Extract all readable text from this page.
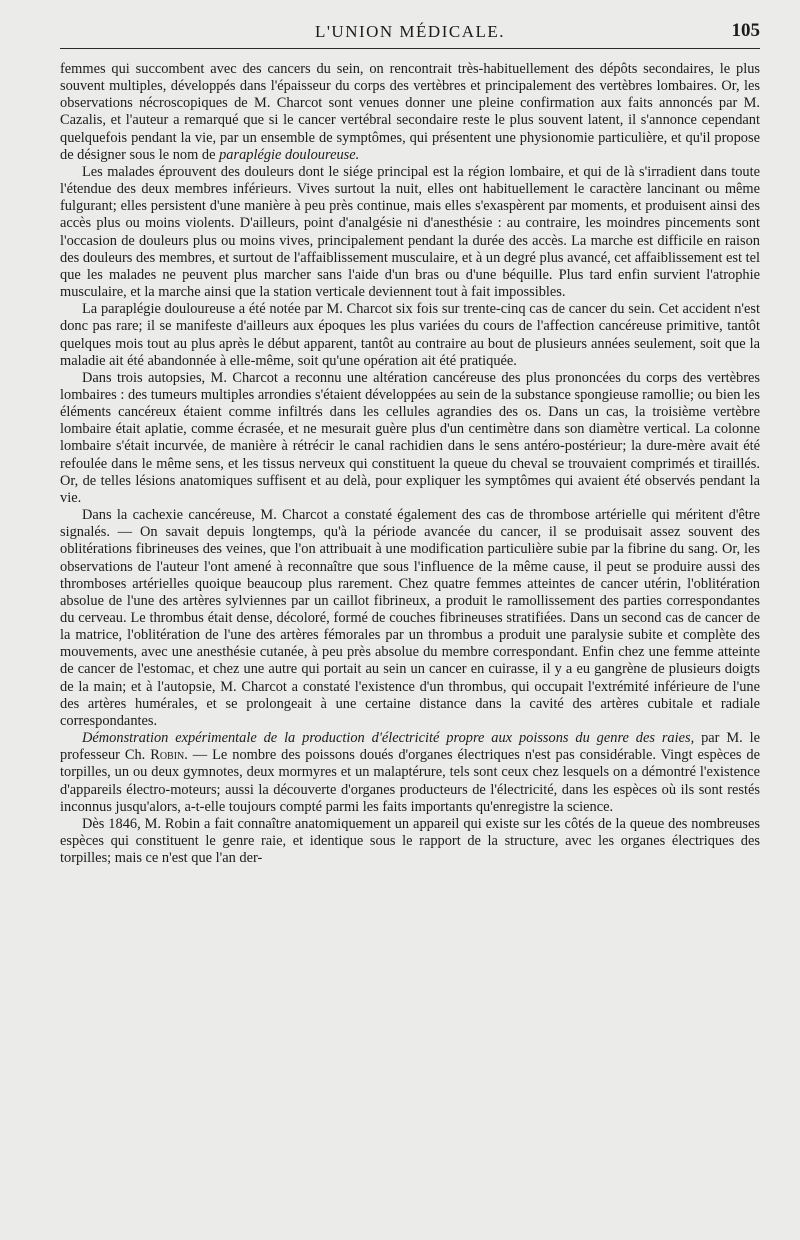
L'UNION MÉDICALE.	105

femmes qui succombent avec des cancers du sein, on rencontrait très-habituellement des dépôts secondaires, le plus souvent multiples, développés dans l'épaisseur du corps des vertèbres et principalement des vertèbres lombaires. Or, les observations nécroscopiques de M. Charcot sont venues donner une pleine confirmation aux faits annoncés par M. Cazalis, et l'auteur a remarqué que si le cancer vertébral secondaire reste le plus souvent latent, il s'annonce cependant quelquefois pendant la vie, par un ensemble de symptômes, qui présentent une physionomie particulière, et qu'il propose de désigner sous le nom de paraplégie douloureuse.

Les malades éprouvent des douleurs dont le siége principal est la région lombaire, et qui de là s'irradient dans toute l'étendue des deux membres inférieurs. Vives surtout la nuit, elles ont habituellement le caractère lancinant ou même fulgurant; elles persistent d'une manière à peu près continue, mais elles s'exaspèrent par moments, et produisent ainsi des accès plus ou moins violents. D'ailleurs, point d'analgésie ni d'anesthésie : au contraire, les moindres pincements sont l'occasion de douleurs plus ou moins vives, principalement pendant la durée des accès. La marche est difficile en raison des douleurs des membres, et surtout de l'affaiblissement musculaire, et à un degré plus avancé, cet affaiblissement est tel que les malades ne peuvent plus marcher sans l'aide d'un bras ou d'une béquille. Plus tard enfin survient l'atrophie musculaire, et la marche ainsi que la station verticale deviennent tout à fait impossibles.

La paraplégie douloureuse a été notée par M. Charcot six fois sur trente-cinq cas de cancer du sein. Cet accident n'est donc pas rare; il se manifeste d'ailleurs aux époques les plus variées du cours de l'affection cancéreuse primitive, tantôt quelques mois tout au plus après le début apparent, tantôt au contraire au bout de plusieurs années seulement, soit que la maladie ait été abandonnée à elle-même, soit qu'une opération ait été pratiquée.

Dans trois autopsies, M. Charcot a reconnu une altération cancéreuse des plus prononcées du corps des vertèbres lombaires : des tumeurs multiples arrondies s'étaient développées au sein de la substance spongieuse ramollie; ou bien les éléments cancéreux étaient comme infiltrés dans les cellules agrandies des os. Dans un cas, la troisième vertèbre lombaire était aplatie, comme écrasée, et ne mesurait guère plus d'un centimètre dans son diamètre vertical. La colonne lombaire s'était incurvée, de manière à rétrécir le canal rachidien dans le sens antéro-postérieur; la dure-mère avait été refoulée dans le même sens, et les tissus nerveux qui constituent la queue du cheval se trouvaient comprimés et tiraillés. Or, de telles lésions anatomiques suffisent et au delà, pour expliquer les symptômes qui avaient été observés pendant la vie.

Dans la cachexie cancéreuse, M. Charcot a constaté également des cas de thrombose artérielle qui méritent d'être signalés. — On savait depuis longtemps, qu'à la période avancée du cancer, il se produisait assez souvent des oblitérations fibrineuses des veines, que l'on attribuait à une modification particulière subie par la fibrine du sang. Or, les observations de l'auteur l'ont amené à reconnaître que sous l'influence de la même cause, il peut se produire aussi des thromboses artérielles quoique beaucoup plus rarement. Chez quatre femmes atteintes de cancer utérin, l'oblitération absolue de l'une des artères sylviennes par un caillot fibrineux, a produit le ramollissement des parties correspondantes du cerveau. Le thrombus était dense, décoloré, formé de couches fibrineuses stratifiées. Dans un second cas de cancer de la matrice, l'oblitération de l'une des artères fémorales par un thrombus a produit une paralysie subite et complète des mouvements, avec une anesthésie cutanée, à peu près absolue du membre correspondant. Enfin chez une femme atteinte de cancer de l'estomac, et chez une autre qui portait au sein un cancer en cuirasse, il y a eu gangrène de plusieurs doigts de la main; et à l'autopsie, M. Charcot a constaté l'existence d'un thrombus, qui occupait l'extrémité inférieure de l'une des artères humérales, et se prolongeait à une certaine distance dans la cavité des artères cubitale et radiale correspondantes.

Démonstration expérimentale de la production d'électricité propre aux poissons du genre des raies, par M. le professeur Ch. Robin. — Le nombre des poissons doués d'organes électriques n'est pas considérable. Vingt espèces de torpilles, un ou deux gymnotes, deux mormyres et un malaptérure, tels sont ceux chez lesquels on a démontré l'existence d'appareils électro-moteurs; aussi la découverte d'organes producteurs de l'électricité, dans les espèces où ils sont restés inconnus jusqu'alors, a-t-elle toujours compté parmi les faits importants qu'enregistre la science.

Dès 1846, M. Robin a fait connaître anatomiquement un appareil qui existe sur les côtés de la queue des nombreuses espèces qui constituent le genre raie, et identique sous le rapport de la structure, avec les organes électriques des torpilles; mais ce n'est que l'an der-
